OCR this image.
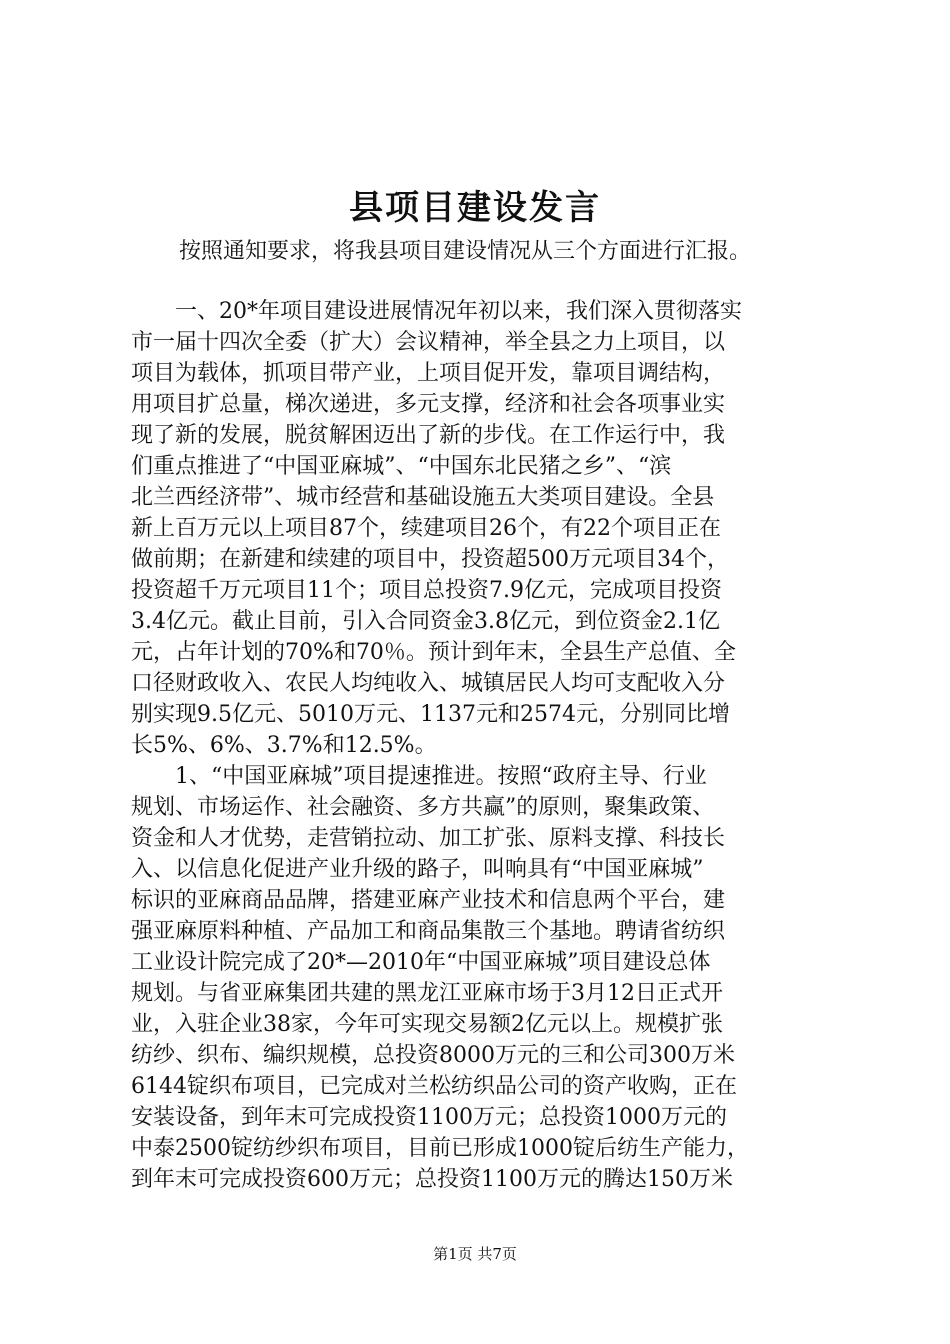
县项目建设发言

按照通知要求，将我县项目建设情况从三个方面进行汇报。

一、20*年项目建设进展情况年初以来，我们深入贯彻落实
市一届十四次全委（扩大）会议精神，举全县之力上项目，以
项目为载体，抓项目带产业，上项目促开发，靠项目调结构，
用项目扩总量，梯次递进，多元支撑，经济和社会各项事业实
现了新的发展，脱贫解困迈出了新的步伐。在工作运行中，我
们重点推进了“中国亚麻城”、“中国东北民猪之乡”、“滨
北兰西经济带”、城市经营和基础设施五大类项目建设。全县
新上百万元以上项目87个，续建项目26个，有22个项目正在
做前期；在新建和续建的项目中，投资超500万元项目34个，
投资超千万元项目11个；项目总投资7.9亿元，完成项目投资
3.4亿元。截止目前，引入合同资金3.8亿元，到位资金2.1亿
元，占年计划的70%和70％。预计到年末，全县生产总值、全
口径财政收入、农民人均纯收入、城镇居民人均可支配收入分
别实现9.5亿元、5010万元、1137元和2574元，分别同比增
长5%、6%、3.7%和12.5%。

1、“中国亚麻城”项目提速推进。按照“政府主导、行业
规划、市场运作、社会融资、多方共赢”的原则，聚集政策、
资金和人才优势，走营销拉动、加工扩张、原料支撑、科技长
入、以信息化促进产业升级的路子，叫响具有“中国亚麻城”
标识的亚麻商品品牌，搭建亚麻产业技术和信息两个平台，建
强亚麻原料种植、产品加工和商品集散三个基地。聘请省纺织
工业设计院完成了20*—2010年“中国亚麻城”项目建设总体
规划。与省亚麻集团共建的黑龙江亚麻市场于3月12日正式开
业，入驻企业38家，今年可实现交易额2亿元以上。规模扩张
纺纱、织布、编织规模，总投资8000万元的三和公司300万米
6144锭织布项目，已完成对兰松纺织品公司的资产收购，正在
安装设备，到年末可完成投资1100万元；总投资1000万元的
中泰2500锭纺纱织布项目，目前已形成1000锭后纺生产能力，
到年末可完成投资600万元；总投资1100万元的腾达150万米

第1页 共7页
